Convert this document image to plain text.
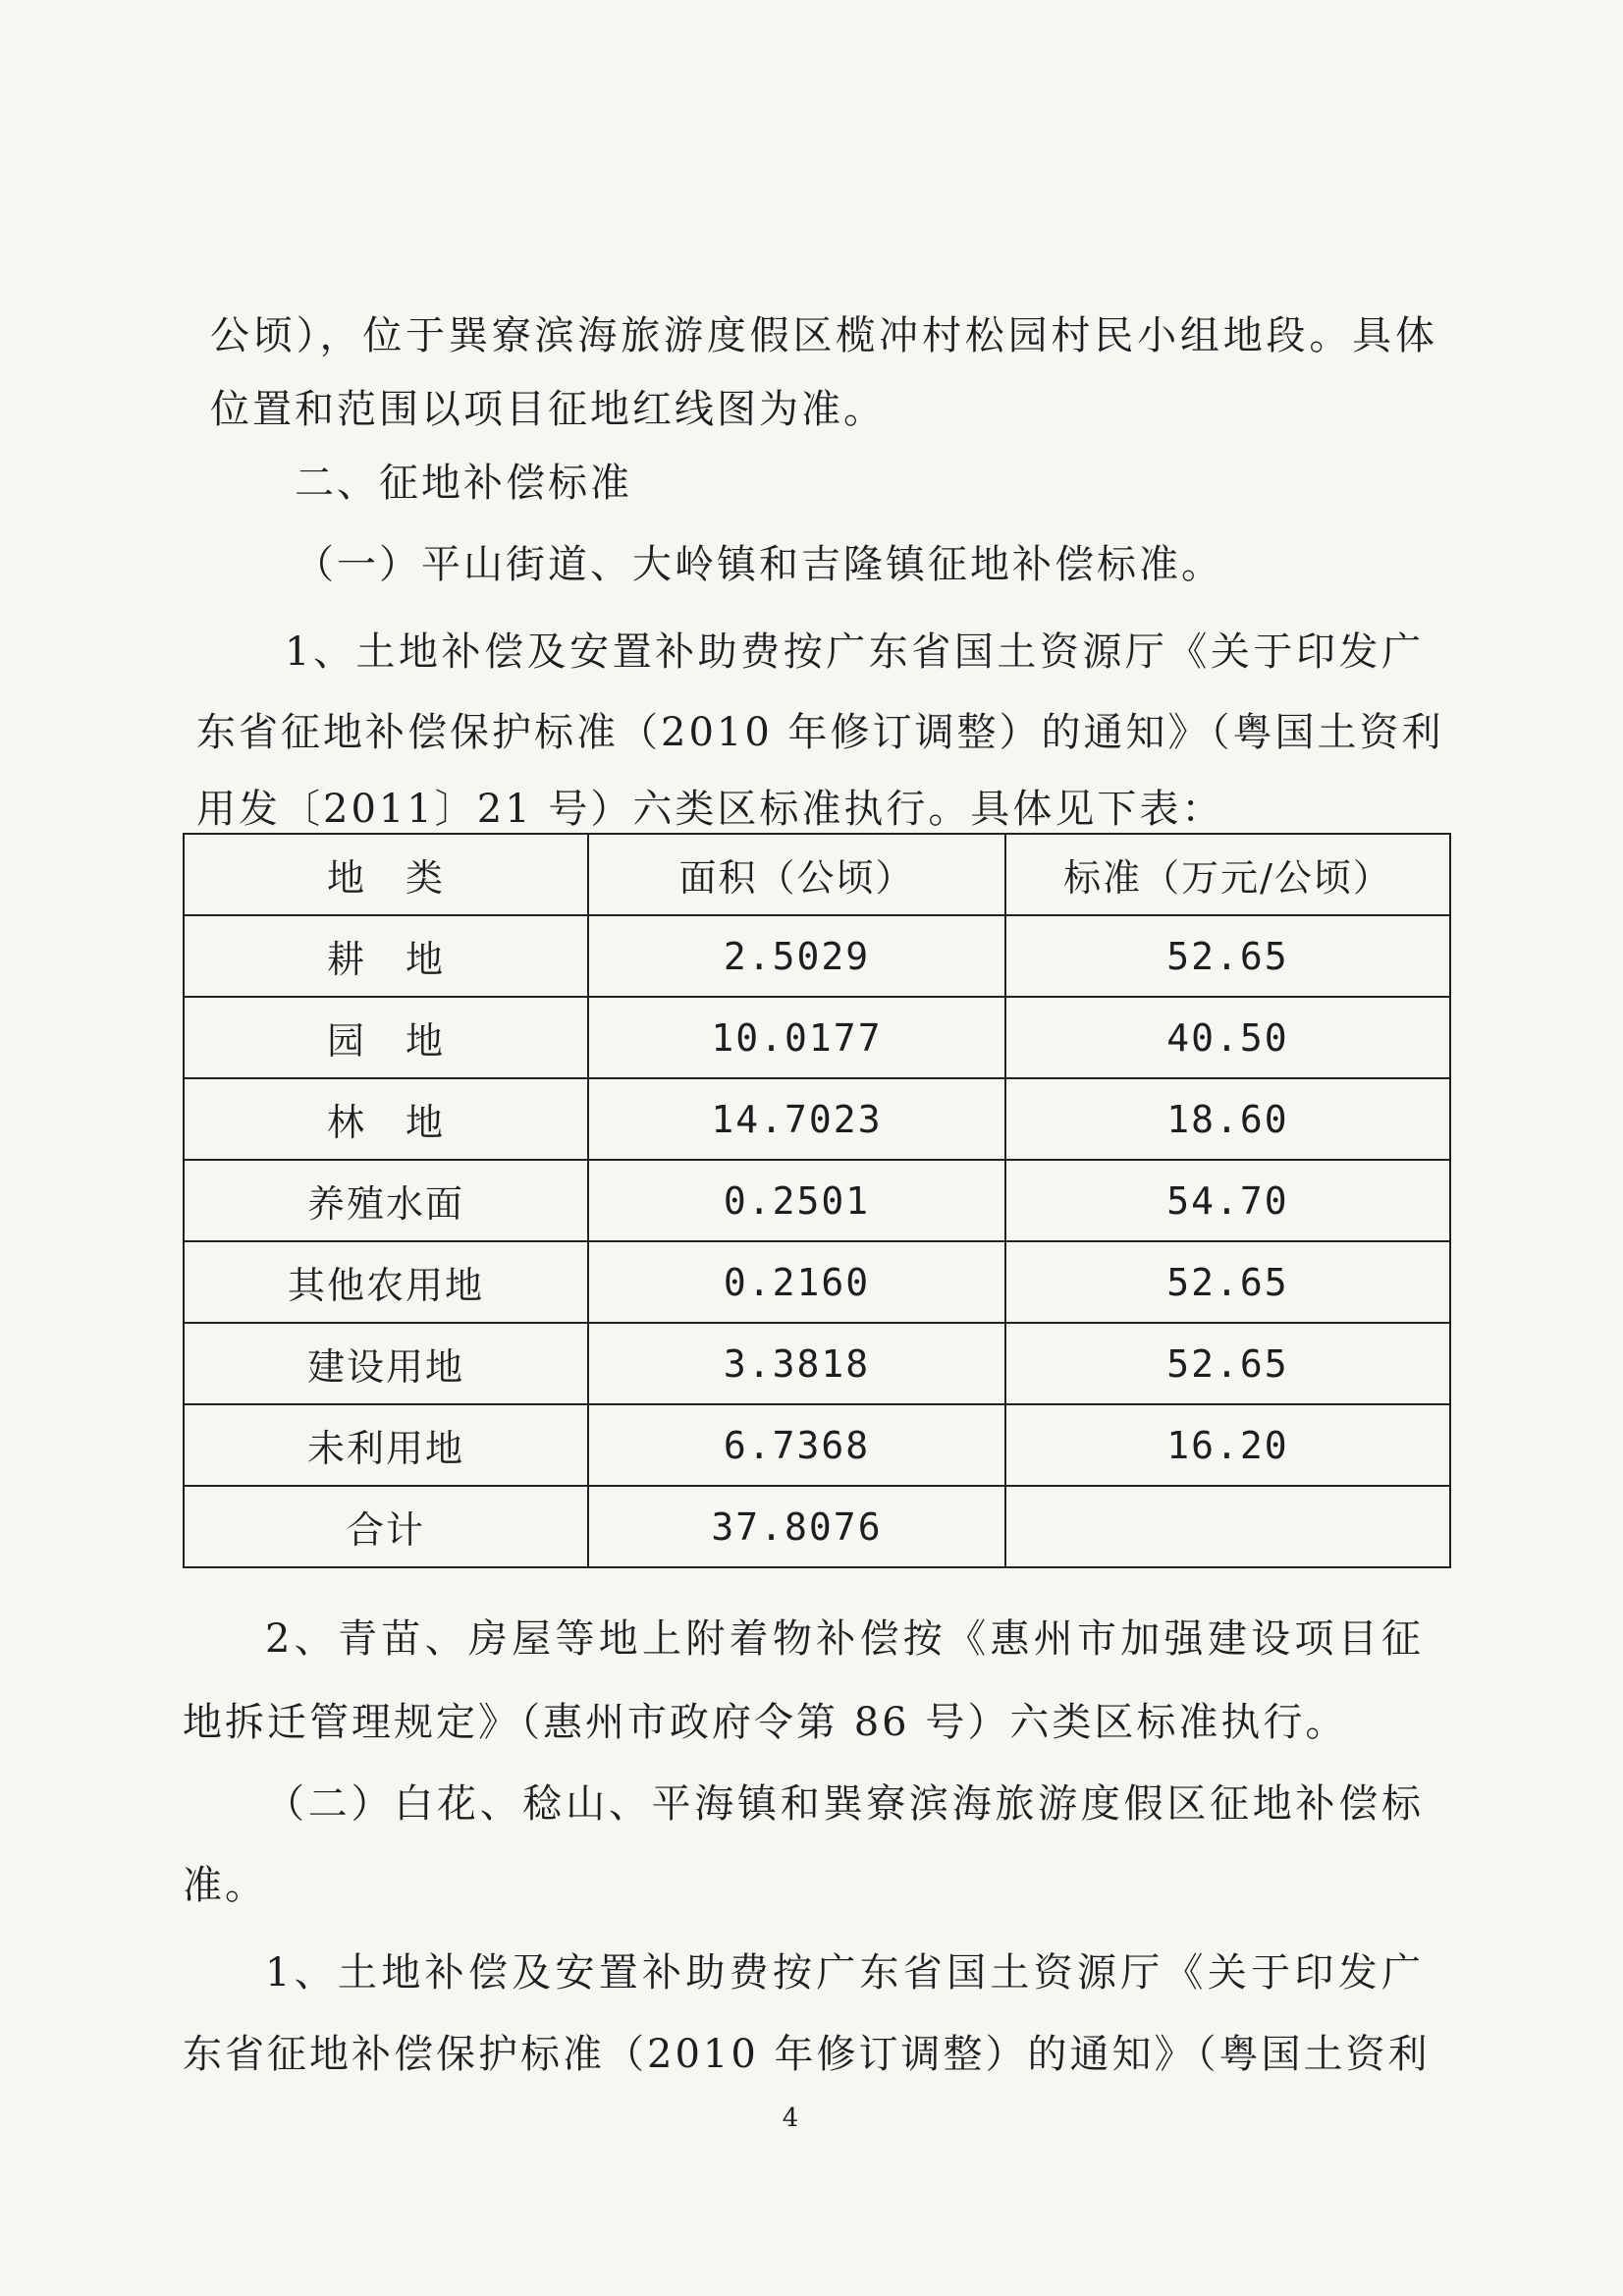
公顷），位于巽寮滨海旅游度假区榄冲村松园村民小组地段。具体
位置和范围以项目征地红线图为准。
二、征地补偿标准
（一）平山街道、大岭镇和吉隆镇征地补偿标准。
1、土地补偿及安置补助费按广东省国土资源厅《关于印发广
东省征地补偿保护标准（2010 年修订调整）的通知》（粤国土资利
用发〔2011〕21 号）六类区标准执行。具体见下表：
地　类	面积（公顷）	标准（万元/公顷）
耕　地	2.5029	52.65
园　地	10.0177	40.50
林　地	14.7023	18.60
养殖水面	0.2501	54.70
其他农用地	0.2160	52.65
建设用地	3.3818	52.65
未利用地	6.7368	16.20
合计	37.8076	
2、青苗、房屋等地上附着物补偿按《惠州市加强建设项目征
地拆迁管理规定》（惠州市政府令第 86 号）六类区标准执行。
（二）白花、稔山、平海镇和巽寮滨海旅游度假区征地补偿标
准。
1、土地补偿及安置补助费按广东省国土资源厅《关于印发广
东省征地补偿保护标准（2010 年修订调整）的通知》（粤国土资利
4
